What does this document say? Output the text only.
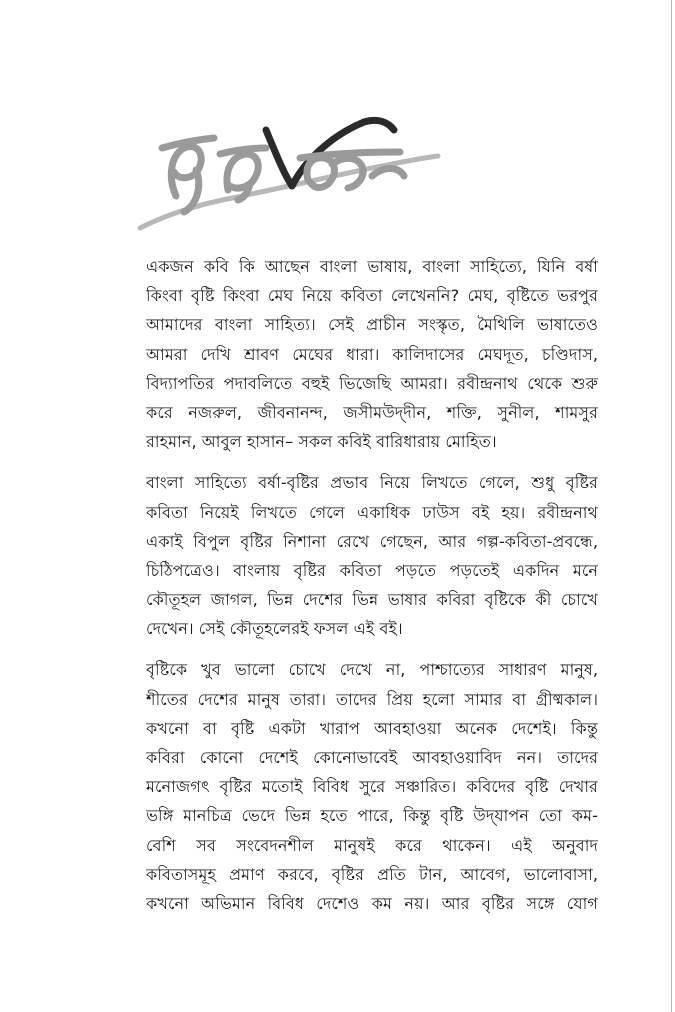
একজন কবি কি আছেন বাংলা ভাষায়, বাংলা সাহিত্যে, যিনি বর্ষা
কিংবা বৃষ্টি কিংবা মেঘ নিয়ে কবিতা লেখেননি? মেঘ, বৃষ্টিতে ভরপুর
আমাদের বাংলা সাহিত্য। সেই প্রাচীন সংস্কৃত, মৈথিলি ভাষাতেও
আমরা দেখি শ্রাবণ মেঘের ধারা। কালিদাসের মেঘদূত, চণ্ডিদাস,
বিদ্যাপতির পদাবলিতে বহুই ভিজেছি আমরা। রবীন্দ্রনাথ থেকে শুরু
করে নজরুল, জীবনানন্দ, জসীমউদ্‌দীন, শক্তি, সুনীল, শামসুর
রাহমান, আবুল হাসান– সকল কবিই বারিধারায় মোহিত।
বাংলা সাহিত্যে বর্ষা-বৃষ্টির প্রভাব নিয়ে লিখতে গেলে, শুধু বৃষ্টির
কবিতা নিয়েই লিখতে গেলে একাধিক ঢাউস বই হয়। রবীন্দ্রনাথ
একাই বিপুল বৃষ্টির নিশানা রেখে গেছেন, আর গল্প-কবিতা-প্রবন্ধে,
চিঠিপত্রেও। বাংলায় বৃষ্টির কবিতা পড়তে পড়তেই একদিন মনে
কৌতূহল জাগল, ভিন্ন দেশের ভিন্ন ভাষার কবিরা বৃষ্টিকে কী চোখে
দেখেন। সেই কৌতূহলেরই ফসল এই বই।
বৃষ্টিকে খুব ভালো চোখে দেখে না, পাশ্চাত্যের সাধারণ মানুষ,
শীতের দেশের মানুষ তারা। তাদের প্রিয় হলো সামার বা গ্রীষ্মকাল।
কখনো বা বৃষ্টি একটা খারাপ আবহাওয়া অনেক দেশেই। কিন্তু
কবিরা কোনো দেশেই কোনোভাবেই আবহাওয়াবিদ নন। তাদের
মনোজগৎ বৃষ্টির মতোই বিবিধ সুরে সঞ্চারিত। কবিদের বৃষ্টি দেখার
ভঙ্গি মানচিত্র ভেদে ভিন্ন হতে পারে, কিন্তু বৃষ্টি উদ্‌যাপন তো কম-
বেশি সব সংবেদনশীল মানুষই করে থাকেন। এই অনুবাদ
কবিতাসমূহ প্রমাণ করবে, বৃষ্টির প্রতি টান, আবেগ, ভালোবাসা,
কখনো অভিমান বিবিধ দেশেও কম নয়। আর বৃষ্টির সঙ্গে যোগ
